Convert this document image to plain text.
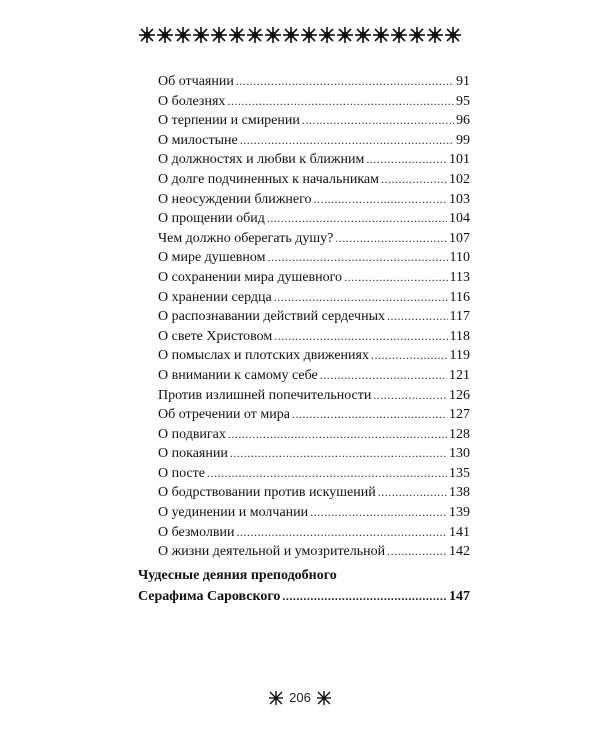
Об отчаянии .....	91
О болезнях .....	95
О терпении и смирении .....	96
О милостыне .....	99
О должностях и любви к ближним .....	101
О долге подчиненных к начальникам .....	102
О неосуждении ближнего .....	103
О прощении обид .....	104
Чем должно оберегать душу? .....	107
О мире душевном .....	110
О сохранении мира душевного .....	113
О хранении сердца .....	116
О распознавании действий сердечных .....	117
О свете Христовом .....	118
О помыслах и плотских движениях .....	119
О внимании к самому себе .....	121
Против излишней попечительности .....	126
Об отречении от мира .....	127
О подвигах .....	128
О покаянии .....	130
О посте .....	135
О бодрствовании против искушений .....	138
О уединении и молчании .....	139
О безмолвии .....	141
О жизни деятельной и умозрительной .....	142
Чудесные деяния преподобного
Серафима Саровского .....	147
206
